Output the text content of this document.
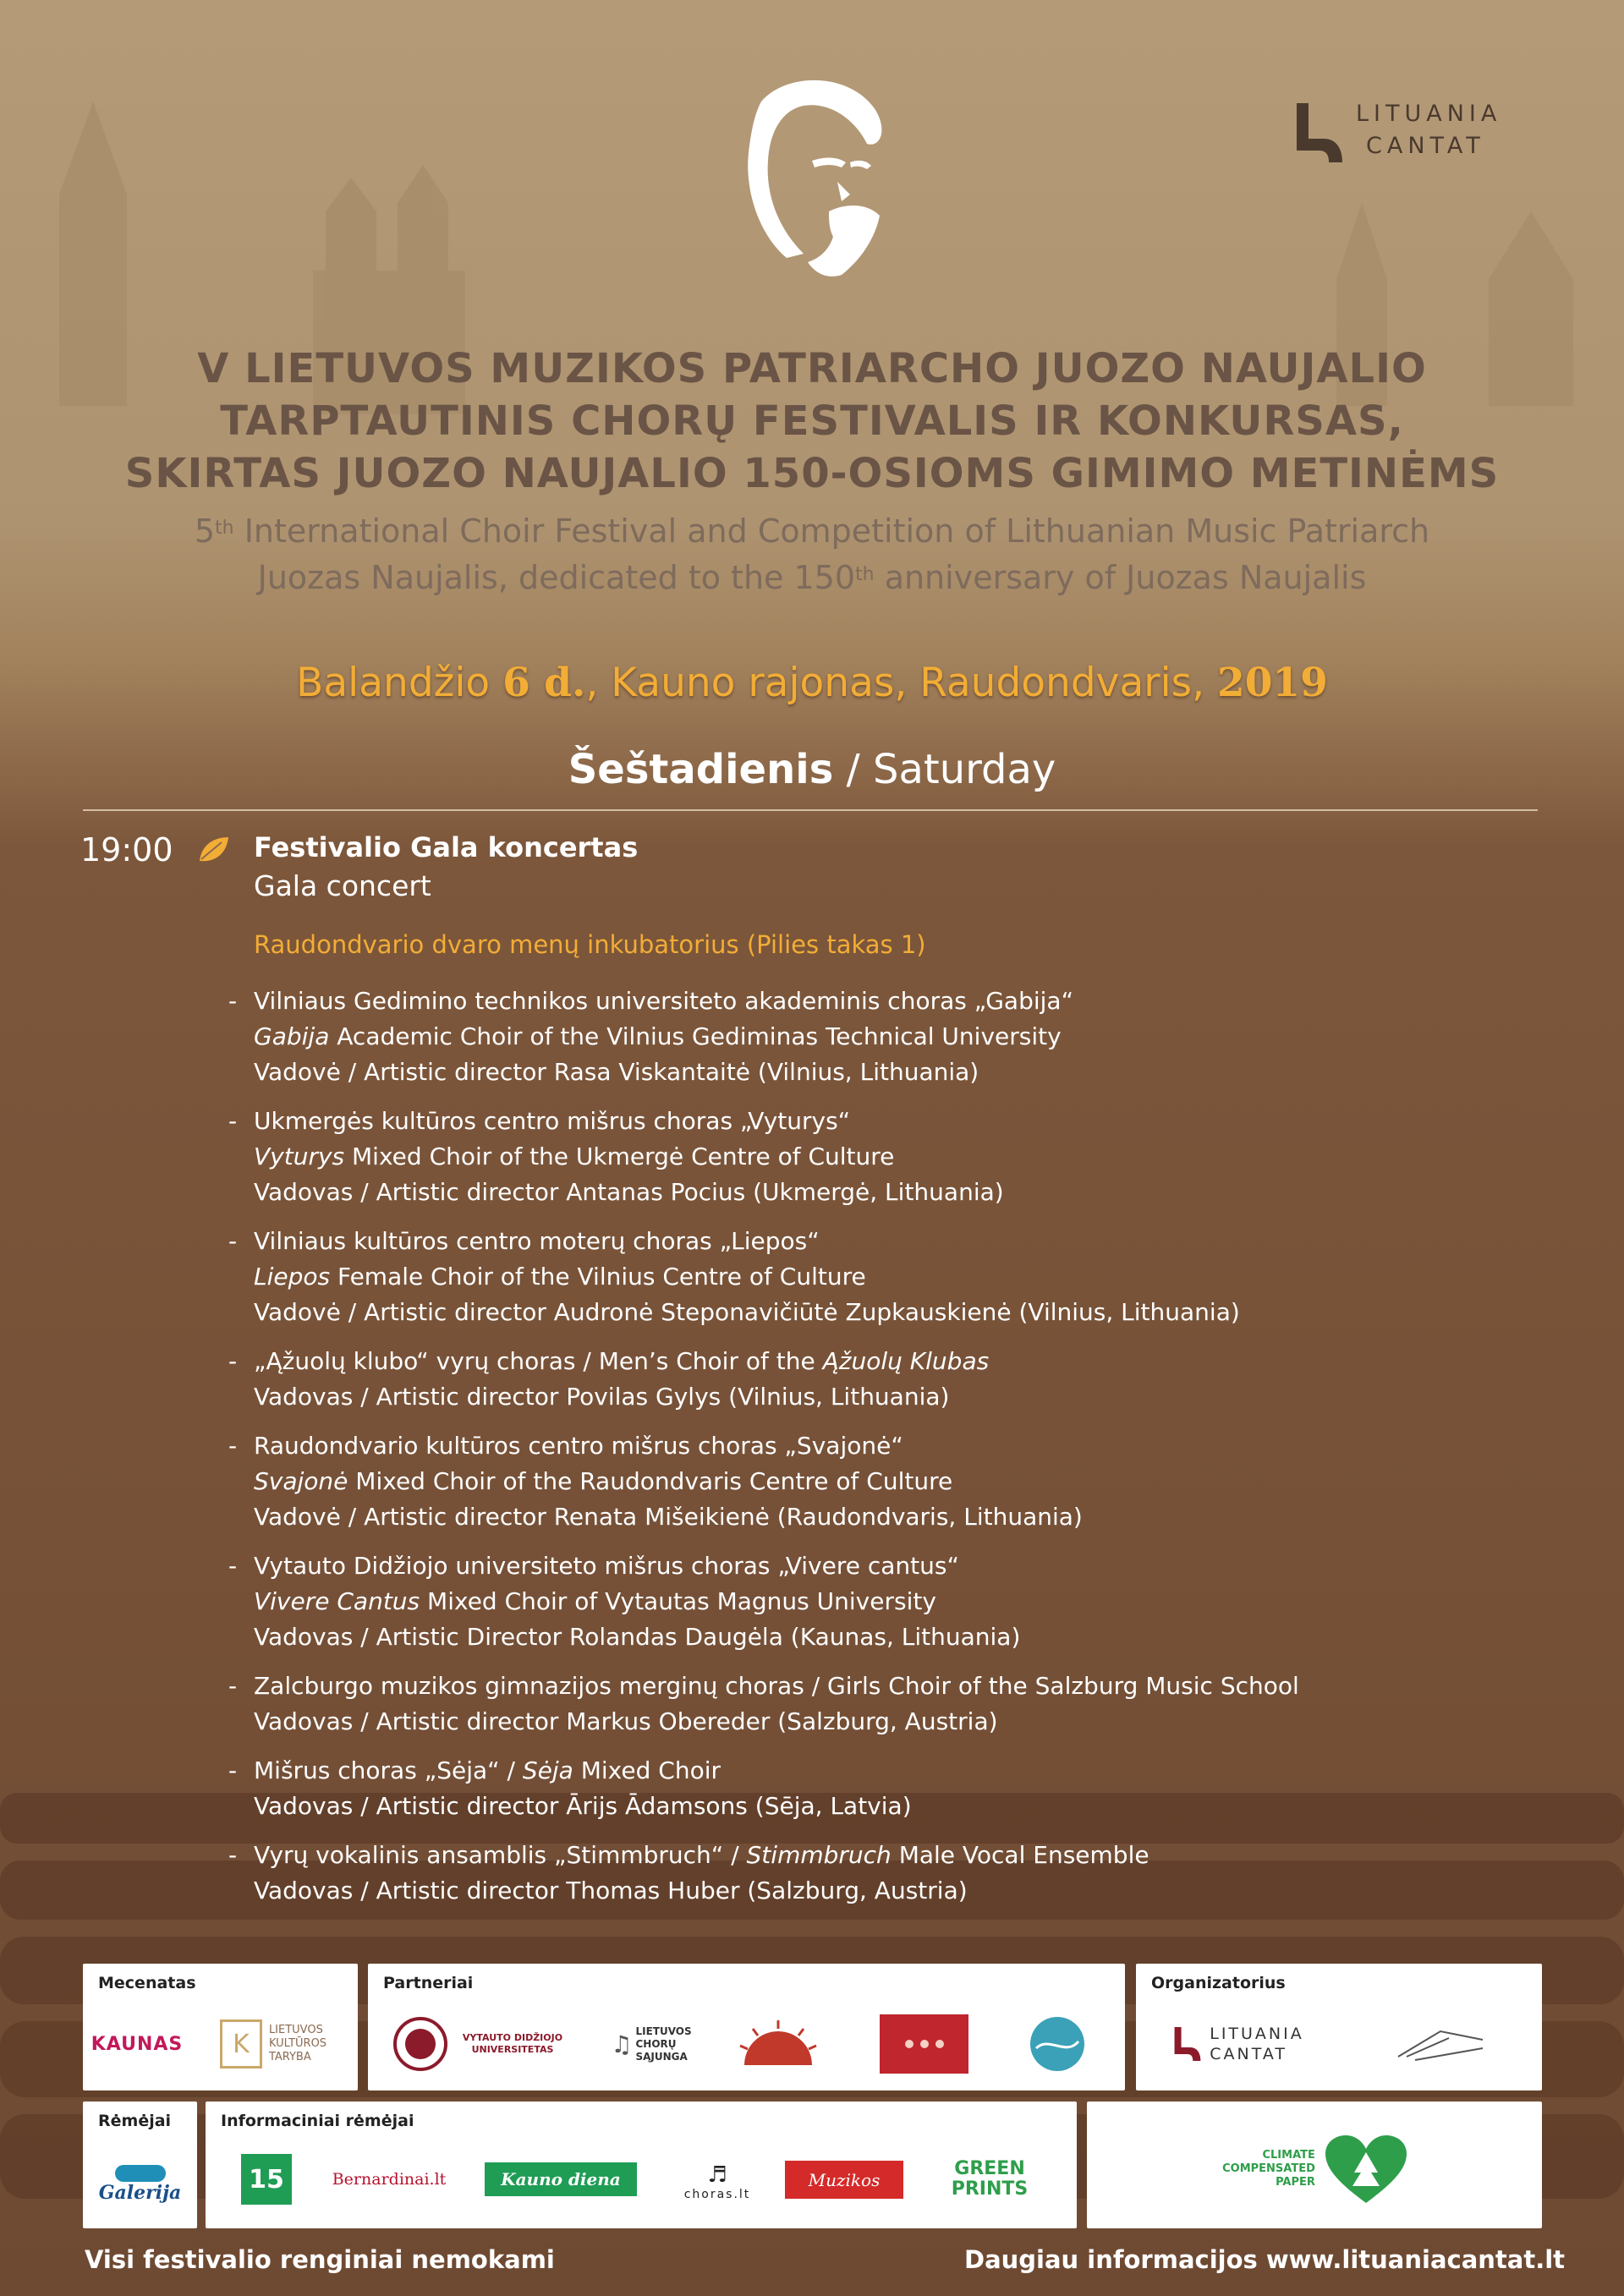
LITUANIA
CANTAT
V LIETUVOS MUZIKOS PATRIARCHO JUOZO NAUJALIO
TARPTAUTINIS CHORŲ FESTIVALIS IR KONKURSAS,
SKIRTAS JUOZO NAUJALIO 150-OSIOMS GIMIMO METINĖMS
5th International Choir Festival and Competition of Lithuanian Music Patriarch
Juozas Naujalis, dedicated to the 150th anniversary of Juozas Naujalis
Balandžio 6 d., Kauno rajonas, Raudondvaris, 2019
Šeštadienis / Saturday
19:00	Festivalio Gala koncertas
Gala concert
Raudondvario dvaro menų inkubatorius (Pilies takas 1)
- Vilniaus Gedimino technikos universiteto akademinis choras „Gabija“
Gabija Academic Choir of the Vilnius Gediminas Technical University
Vadovė / Artistic director Rasa Viskantaitė (Vilnius, Lithuania)
- Ukmergės kultūros centro mišrus choras „Vyturys“
Vyturys Mixed Choir of the Ukmergė Centre of Culture
Vadovas / Artistic director Antanas Pocius (Ukmergė, Lithuania)
- Vilniaus kultūros centro moterų choras „Liepos“
Liepos Female Choir of the Vilnius Centre of Culture
Vadovė / Artistic director Audronė Steponavičiūtė Zupkauskienė (Vilnius, Lithuania)
- „Ąžuolų klubo“ vyrų choras / Men’s Choir of the Ąžuolų Klubas
Vadovas / Artistic director Povilas Gylys (Vilnius, Lithuania)
- Raudondvario kultūros centro mišrus choras „Svajonė“
Svajonė Mixed Choir of the Raudondvaris Centre of Culture
Vadovė / Artistic director Renata Mišeikienė (Raudondvaris, Lithuania)
- Vytauto Didžiojo universiteto mišrus choras „Vivere cantus“
Vivere Cantus Mixed Choir of Vytautas Magnus University
Vadovas / Artistic Director Rolandas Daugėla (Kaunas, Lithuania)
- Zalcburgo muzikos gimnazijos merginų choras / Girls Choir of the Salzburg Music School
Vadovas / Artistic director Markus Obereder (Salzburg, Austria)
- Mišrus choras „Sėja“ / Sėja Mixed Choir
Vadovas / Artistic director Ārijs Ādamsons (Sēja, Latvia)
- Vyrų vokalinis ansamblis „Stimmbruch“ / Stimmbruch Male Vocal Ensemble
Vadovas / Artistic director Thomas Huber (Salzburg, Austria)
Mecenatas
KAUNAS	K	LIETUVOS
KULTŪROS
TARYBA
Partneriai
VYTAUTO DIDŽIOJO UNIVERSITETAS	♫ LIETUVOS
CHORŲ
SĄJUNGA
Organizatorius
LITUANIA
CANTAT
Rėmėjai
Galerija
Informaciniai rėmėjai
15	Bernardinai.lt	Kauno diena	♬
choras.lt
Muzikos
GREEN
PRINTS
CLIMATE
COMPENSATED
PAPER
Visi festivalio renginiai nemokami	Daugiau informacijos www.lituaniacantat.lt
